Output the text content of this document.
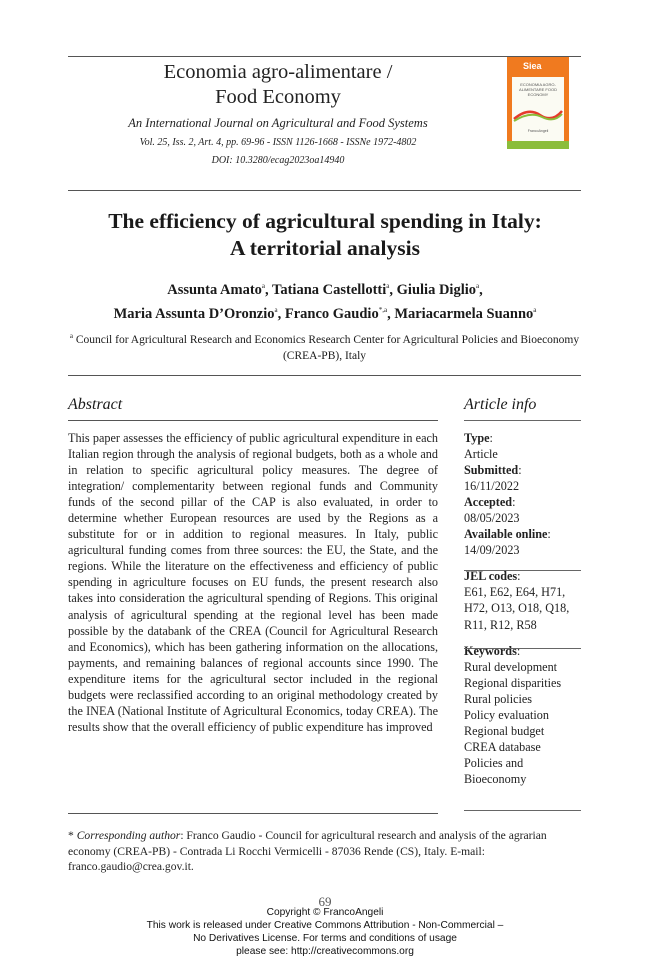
Economia agro-alimentare /
Food Economy
An International Journal on Agricultural and Food Systems
Vol. 25, Iss. 2, Art. 4, pp. 69-96 - ISSN 1126-1668 - ISSNe 1972-4802
DOI: 10.3280/ecag2023oa14940
Siea
ECONOMIA AGRO-ALIMENTARE FOOD ECONOMY
FrancoAngeli
The efficiency of agricultural spending in Italy:
A territorial analysis
Assunta Amato$^a$, Tatiana Castellotti$^a$, Giulia Diglio$^a$,
Maria Assunta D’Oronzio$^a$, Franco Gaudio$^{*,a}$, Mariacarmela Suanno$^a$
$^a$ Council for Agricultural Research and Economics Research Center for Agricultural Policies and Bioeconomy (CREA-PB), Italy
Abstract
This paper assesses the efficiency of public agricultural expenditure in each Italian region through the analysis of regional budgets, both as a whole and in relation to specific agricultural policy measures. The degree of integration/ complementarity between regional funds and Community funds of the second pillar of the CAP is also evaluated, in order to determine whether European resources are used by the Regions as a substitute for or in addition to regional measures. In Italy, public agricultural funding comes from three sources: the EU, the State, and the regions. While the literature on the effectiveness and efficiency of public spending in agriculture focuses on EU funds, the present research also takes into consideration the agricultural spending of Regions. This original analysis of agricultural spending at the regional level has been made possible by the databank of the CREA (Council for Agricultural Research and Economics), which has been gathering information on the allocations, payments, and remaining balances of regional accounts since 1990. The expenditure items for the agricultural sector included in the regional budgets were reclassified according to an original methodology created by the INEA (National Institute of Agricultural Economics, today CREA). The results show that the overall efficiency of public expenditure has improved
Article info
Type:
Article
Submitted:
16/11/2022
Accepted:
08/05/2023
Available online:
14/09/2023
JEL codes:
E61, E62, E64, H71, H72, O13, O18, Q18, R11, R12, R58
Keywords:
Rural development
Regional disparities
Rural policies
Policy evaluation
Regional budget
CREA database
Policies and Bioeconomy
* Corresponding author: Franco Gaudio - Council for agricultural research and analysis of the agrarian economy (CREA-PB) - Contrada Li Rocchi Vermicelli - 87036 Rende (CS), Italy. E-mail: franco.gaudio@crea.gov.it.
69
Copyright © FrancoAngeli
This work is released under Creative Commons Attribution - Non-Commercial –
No Derivatives License. For terms and conditions of usage
please see: http://creativecommons.org
